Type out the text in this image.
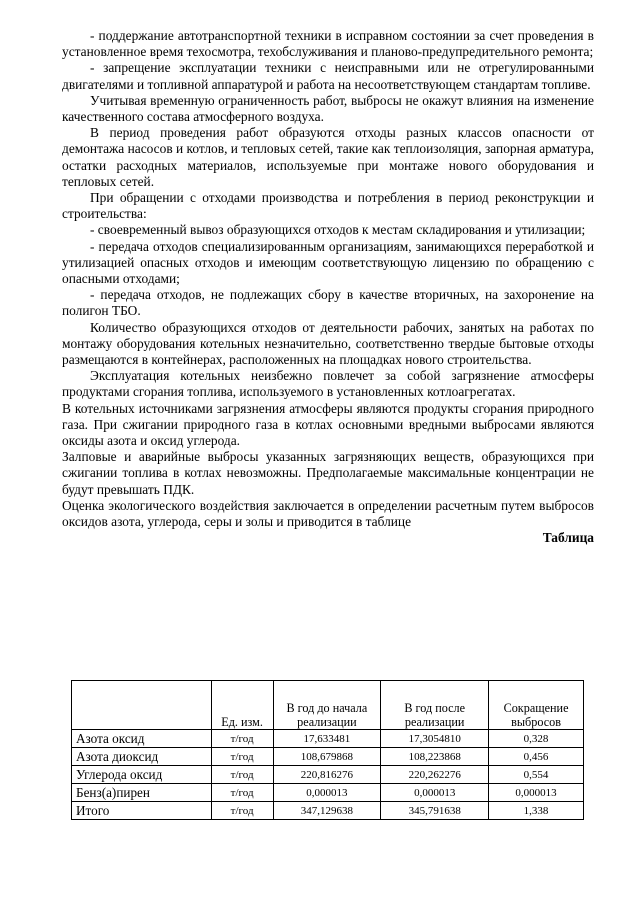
- поддержание автотранспортной техники в исправном состоянии за счет проведения в установленное время техосмотра, техобслуживания и планово-предупредительного ремонта;

- запрещение эксплуатации техники с неисправными или не отрегулированными двигателями и топливной аппаратурой и работа на несоответствующем стандартам топливе.

Учитывая временную ограниченность работ, выбросы не окажут влияния на изменение качественного состава атмосферного воздуха.

В период проведения работ образуются отходы разных классов опасности от демонтажа насосов и котлов, и тепловых сетей, такие как теплоизоляция, запорная арматура, остатки расходных материалов, используемые при монтаже нового оборудования и тепловых сетей.

При обращении с отходами производства и потребления в период реконструкции и строительства:

- своевременный вывоз образующихся отходов к местам складирования и утилизации;

- передача отходов специализированным организациям, занимающихся переработкой и утилизацией опасных отходов и имеющим соответствующую лицензию по обращению с опасными отходами;

- передача отходов, не подлежащих сбору в качестве вторичных, на захоронение на полигон ТБО.

Количество образующихся отходов от деятельности рабочих, занятых на работах по монтажу оборудования котельных незначительно, соответственно твердые бытовые отходы размещаются в контейнерах, расположенных на площадках нового строительства.

Эксплуатация котельных неизбежно повлечет за собой загрязнение атмосферы продуктами сгорания топлива, используемого в установленных котлоагрегатах.

В котельных источниками загрязнения атмосферы являются продукты сгорания природного газа. При сжигании природного газа в котлах основными вредными выбросами являются оксиды азота и оксид углерода.

Залповые и аварийные выбросы указанных загрязняющих веществ, образующихся при сжигании топлива в котлах невозможны. Предполагаемые максимальные концентрации не будут превышать ПДК.

Оценка экологического воздействия заключается в определении расчетным путем выбросов оксидов азота, углерода, серы и золы и приводится в таблице

Таблица

	Ед. изм.	В год до начала реализации	В год после реализации	Сокращение выбросов
Азота оксид	т/год	17,633481	17,3054810	0,328
Азота диоксид	т/год	108,679868	108,223868	0,456
Углерода оксид	т/год	220,816276	220,262276	0,554
Бенз(а)пирен	т/год	0,000013	0,000013	0,000013
Итого	т/год	347,129638	345,791638	1,338
